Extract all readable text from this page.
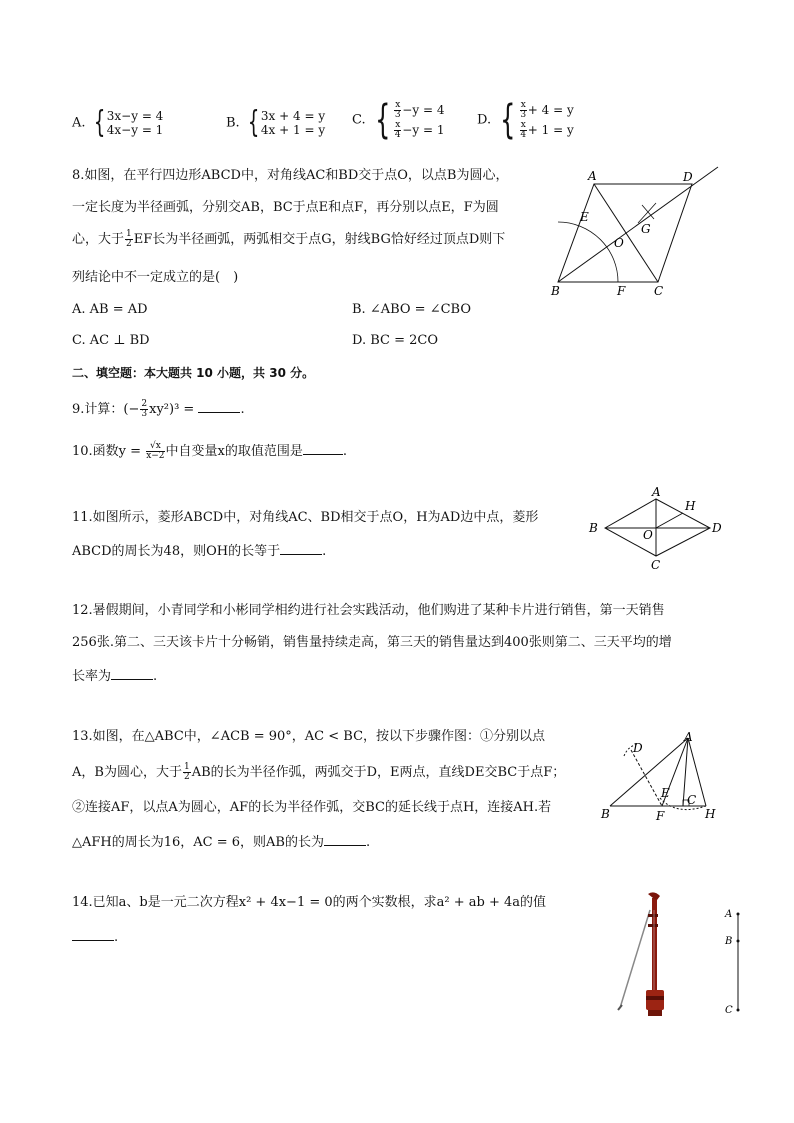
A. { 3x−y = 4
4x−y = 1	B. { 3x + 4 = y
4x + 1 = y
C. { $\frac{x}{3} -y = 4$
$\frac{x}{4} -y = 1$
D. { $\frac{x}{3} + 4 = y$
$\frac{x}{4} + 1 = y$
8.如图，在平行四边形ABCD中，对角线AC和BD交于点O，以点B为圆心，
一定长度为半径画弧，分别交AB，BC于点E和点F，再分别以点E，F为圆
心，大于 $\frac{1}{2}$ EF长为半径画弧，两弧相交于点G，射线BG恰好经过顶点D则下
列结论中不一定成立的是(　)
A. AB = AD	B. ∠ABO = ∠CBO
C. AC ⊥ BD	D. BC = 2CO
A	D
E
G
O
B	F C
二、填空题：本大题共 10 小题，共 30 分。
9.计算：(− $\frac{2}{3} xy^2)^3$ =	.
10.函数$y = \frac{√x}{x-2}$ 中自变量x的取值范围是	.
11.如图所示，菱形ABCD中，对角线AC、BD相交于点O，H为AD边中点，菱形
ABCD的周长为48，则OH的长等于	.
A
H
B	D
O
C
12.暑假期间，小青同学和小彬同学相约进行社会实践活动，他们购进了某种卡片进行销售，第一天销售
256张.第二、三天该卡片十分畅销，销售量持续走高，第三天的销售量达到400张则第二、三天平均的增
长率为	.
13.如图，在△ABC中，∠ACB = 90°，AC < BC，按以下步骤作图：①分别以点
A，B为圆心，大于 $\frac{1}{2}$ AB的长为半径作弧，两弧交于D，E两点，直线DE交BC于点F；
②连接AF，以点A为圆心，AF的长为半径作弧，交BC的延长线于点H，连接AH.若
△AFH的周长为16，AC = 6，则AB的长为	.
D
A
E C
B	F	H
14.已知a、b是一元二次方程x² + 4x−1 = 0的两个实数根，求a² + ab + 4a的值
.
A
B
C
